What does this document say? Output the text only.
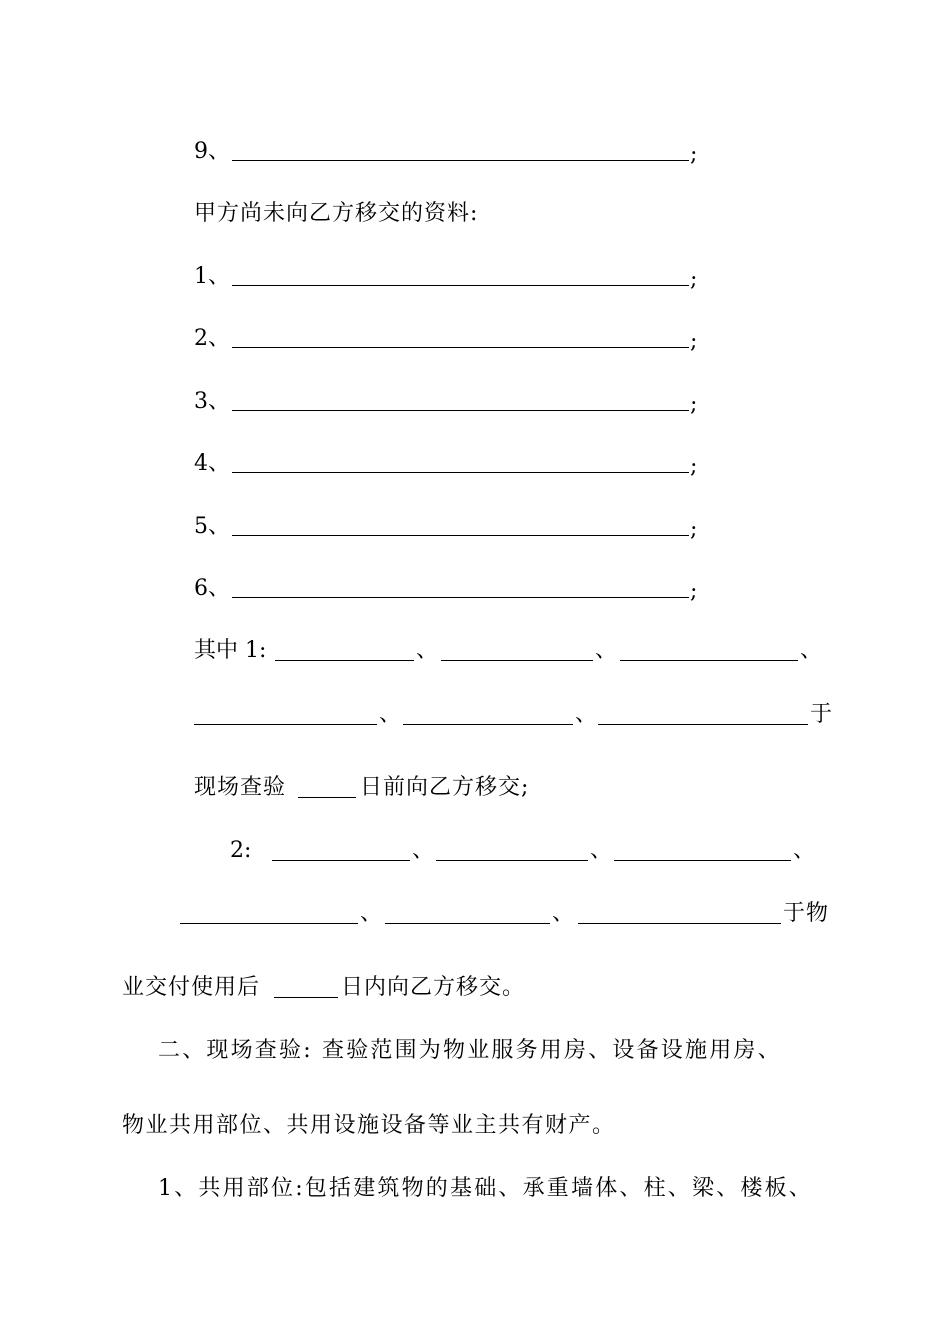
9、	;
甲方尚未向乙方移交的资料:
1、	;
2、	;
3、	;
4、	;
5、	;
6、	;
其中 1:	、	、	、
、	、	于
现场查验	日前向乙方移交;
2:	、	、	、
、	、	于物
业交付使用后	日内向乙方移交。
二、现场查验: 查验范围为物业服务用房、设备设施用房、
物业共用部位、共用设施设备等业主共有财产。
1、共用部位:包括建筑物的基础、承重墙体、柱、梁、楼板、
